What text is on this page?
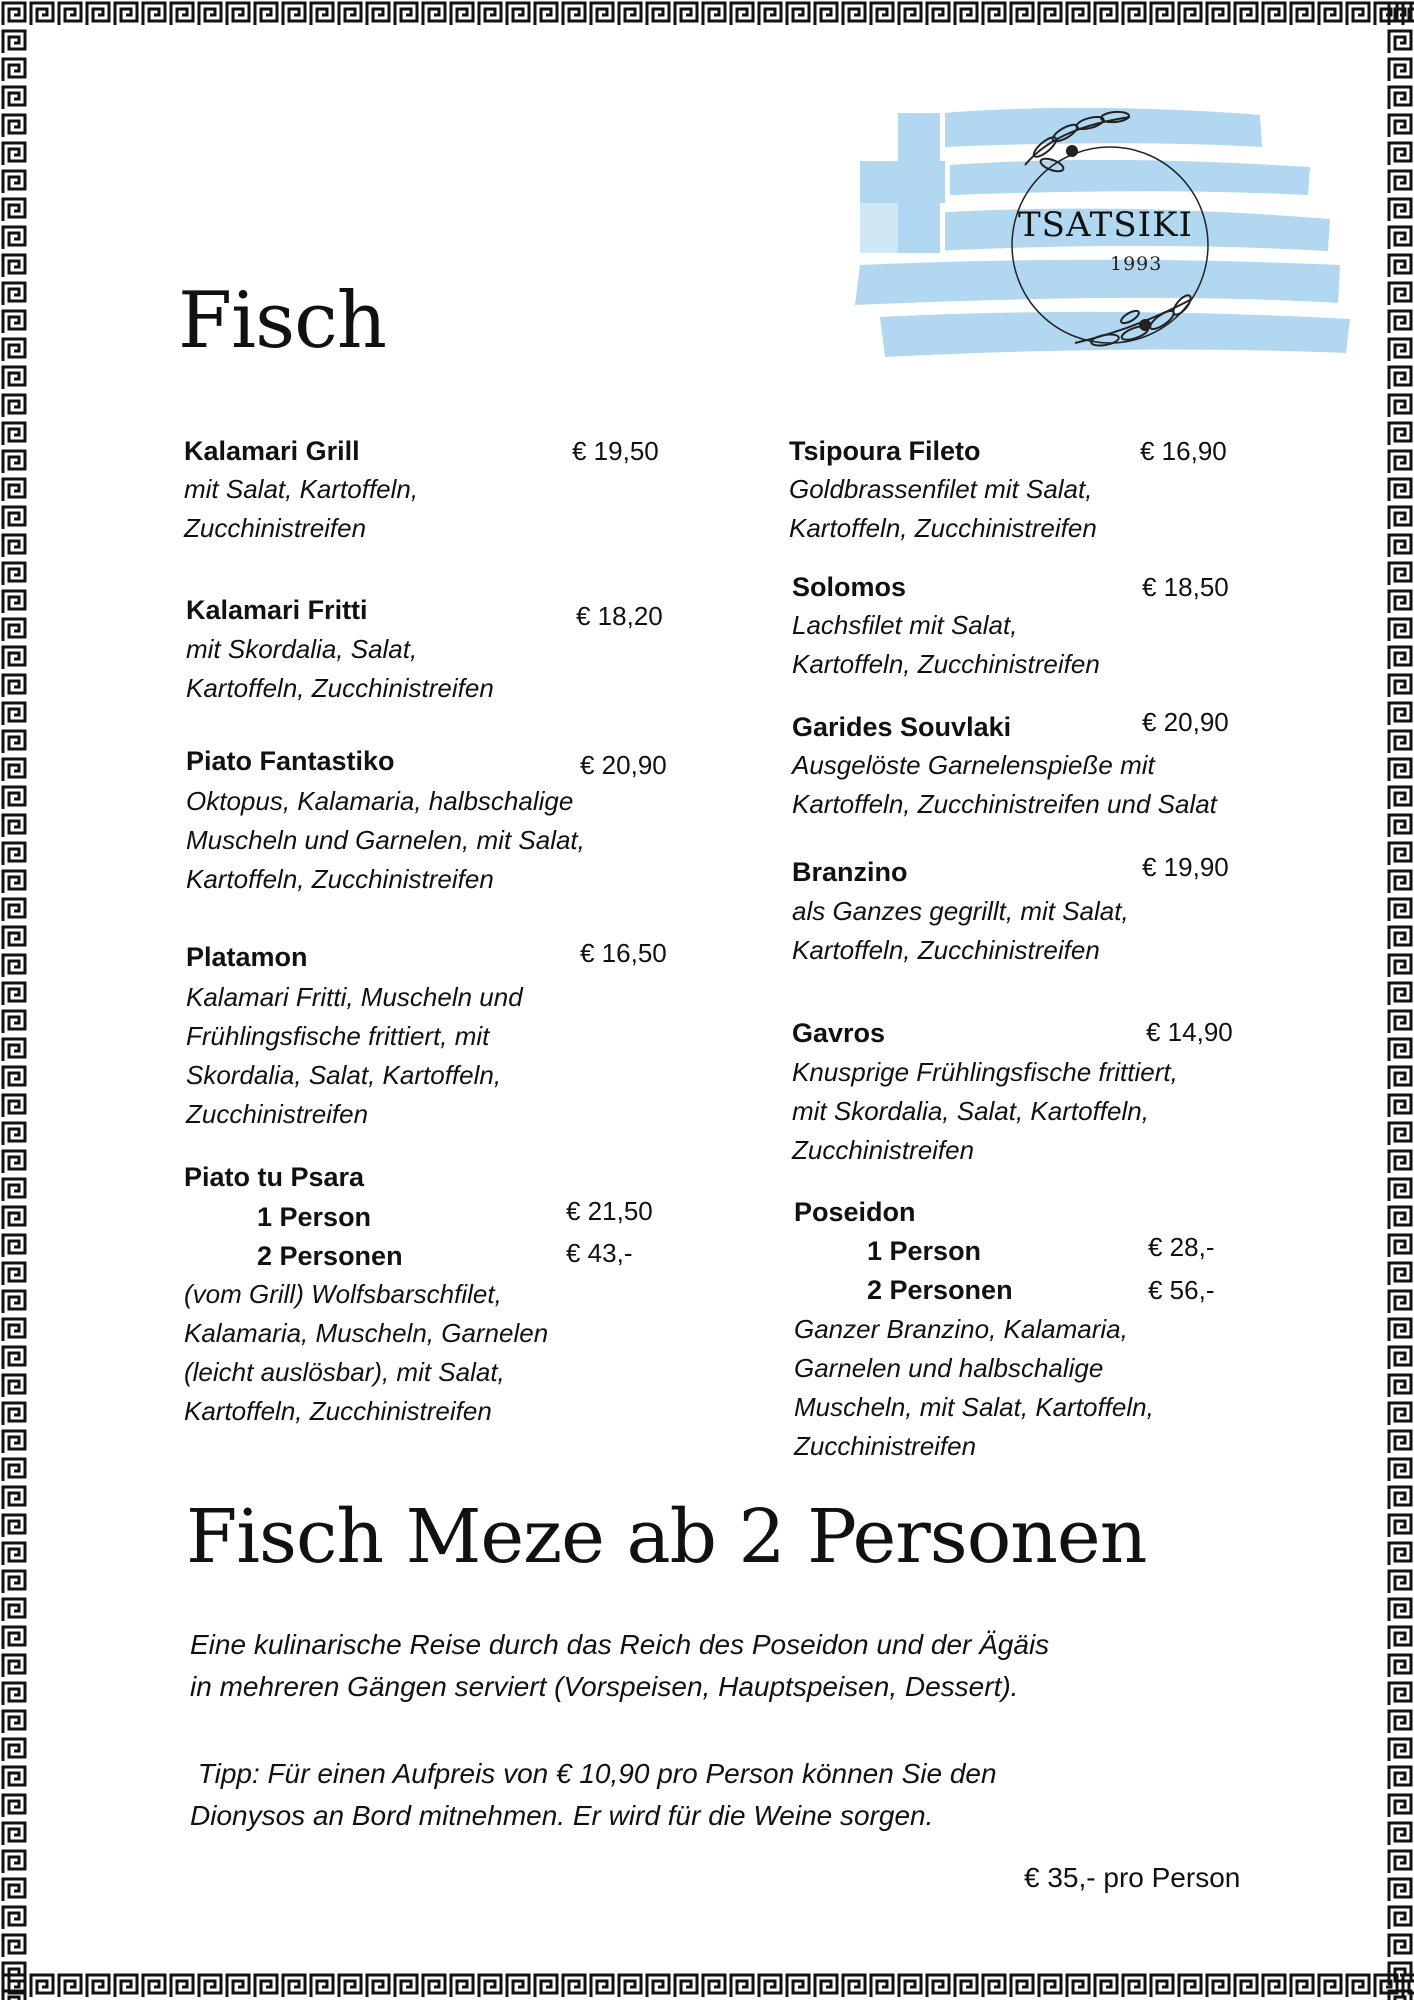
TSATSIKI
1993
Fisch
Kalamari Grill	€ 19,50
mit Salat, Kartoffeln,
Zucchinistreifen
Kalamari Fritti	€ 18,20
mit Skordalia, Salat,
Kartoffeln, Zucchinistreifen
Piato Fantastiko	€ 20,90
Oktopus, Kalamaria, halbschalige
Muscheln und Garnelen, mit Salat,
Kartoffeln, Zucchinistreifen
Platamon	€ 16,50
Kalamari Fritti, Muscheln und
Frühlingsfische frittiert, mit
Skordalia, Salat, Kartoffeln,
Zucchinistreifen
Piato tu Psara
1 Person	€ 21,50
2 Personen	€ 43,-
(vom Grill) Wolfsbarschfilet,
Kalamaria, Muscheln, Garnelen
(leicht auslösbar), mit Salat,
Kartoffeln, Zucchinistreifen
Tsipoura Fileto	€ 16,90
Goldbrassenfilet mit Salat,
Kartoffeln, Zucchinistreifen
Solomos	€ 18,50
Lachsfilet mit Salat,
Kartoffeln, Zucchinistreifen
Garides Souvlaki	€ 20,90
Ausgelöste Garnelenspieße mit
Kartoffeln, Zucchinistreifen und Salat
Branzino	€ 19,90
als Ganzes gegrillt, mit Salat,
Kartoffeln, Zucchinistreifen
Gavros	€ 14,90
Knusprige Frühlingsfische frittiert,
mit Skordalia, Salat, Kartoffeln,
Zucchinistreifen
Poseidon
1 Person	€ 28,-
2 Personen	€ 56,-
Ganzer Branzino, Kalamaria,
Garnelen und halbschalige
Muscheln, mit Salat, Kartoffeln,
Zucchinistreifen
Fisch Meze ab 2 Personen
Eine kulinarische Reise durch das Reich des Poseidon und der Ägäis
in mehreren Gängen serviert (Vorspeisen, Hauptspeisen, Dessert).
Tipp: Für einen Aufpreis von € 10,90 pro Person können Sie den
Dionysos an Bord mitnehmen. Er wird für die Weine sorgen.
€ 35,- pro Person
